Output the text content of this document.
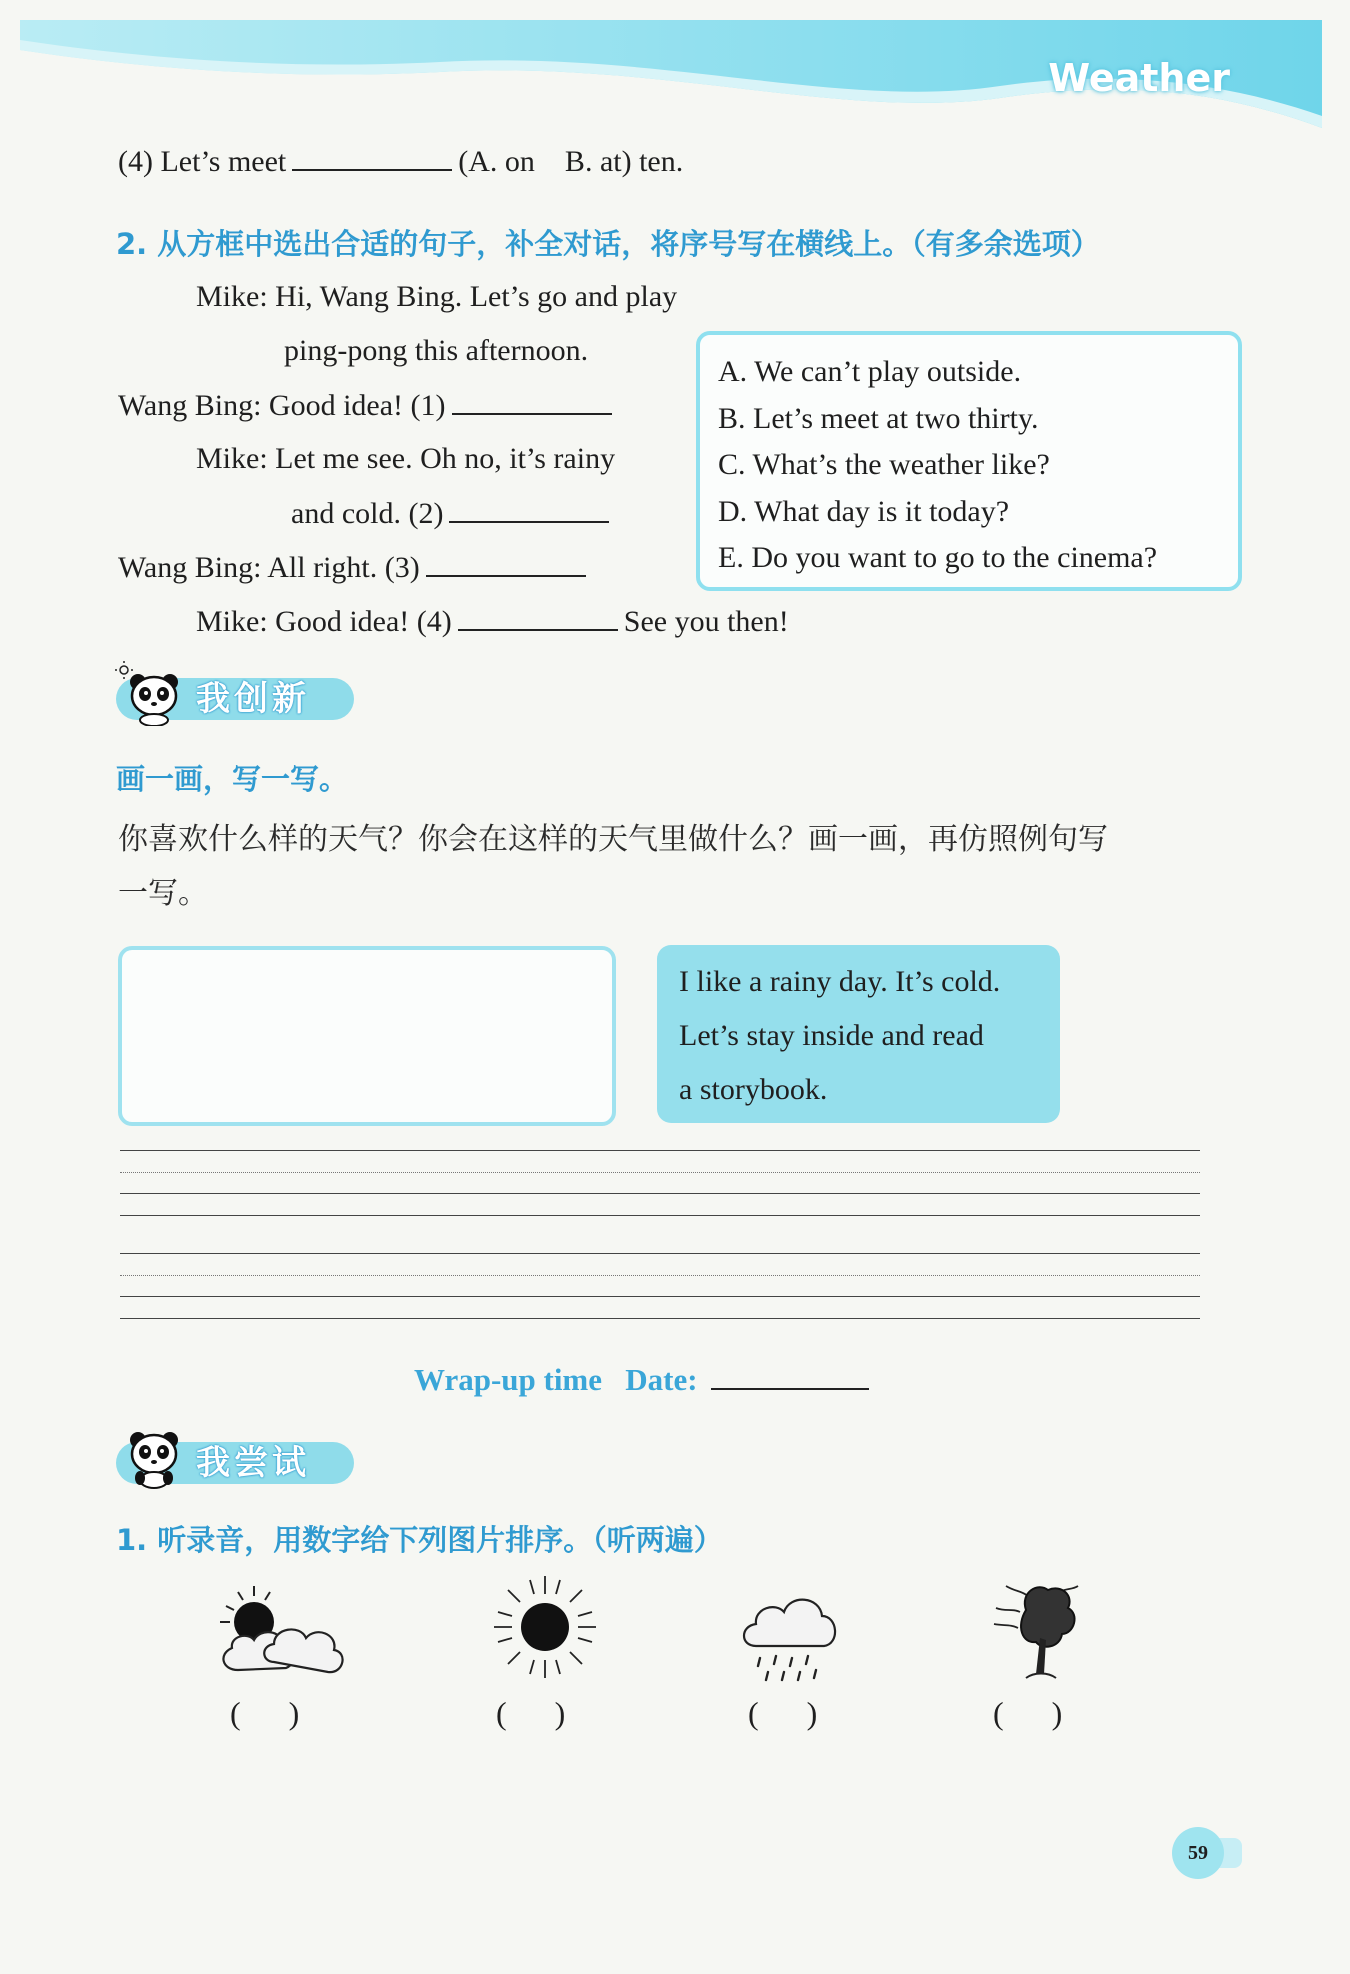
Weather
(4) Let’s meet	(A. on    B. at) ten.
2. 从方框中选出合适的句子，补全对话，将序号写在横线上。（有多余选项）
Mike: Hi, Wang Bing. Let’s go and play
ping-pong this afternoon.
Wang Bing: Good idea! (1)
Mike: Let me see. Oh no, it’s rainy
and cold. (2)
Wang Bing: All right. (3)
Mike: Good idea! (4)	See you then!
A. We can’t play outside.
B. Let’s meet at two thirty.
C. What’s the weather like?
D. What day is it today?
E. Do you want to go to the cinema?
我创新
画一画，写一写。
你喜欢什么样的天气？你会在这样的天气里做什么？画一画，再仿照例句写
一写。
I like a rainy day. It’s cold.
Let’s stay inside and read
a storybook.
Wrap-up time Date:
我尝试
1. 听录音，用数字给下列图片排序。（听两遍）
(      )	(      )	(      )	(      )
59
